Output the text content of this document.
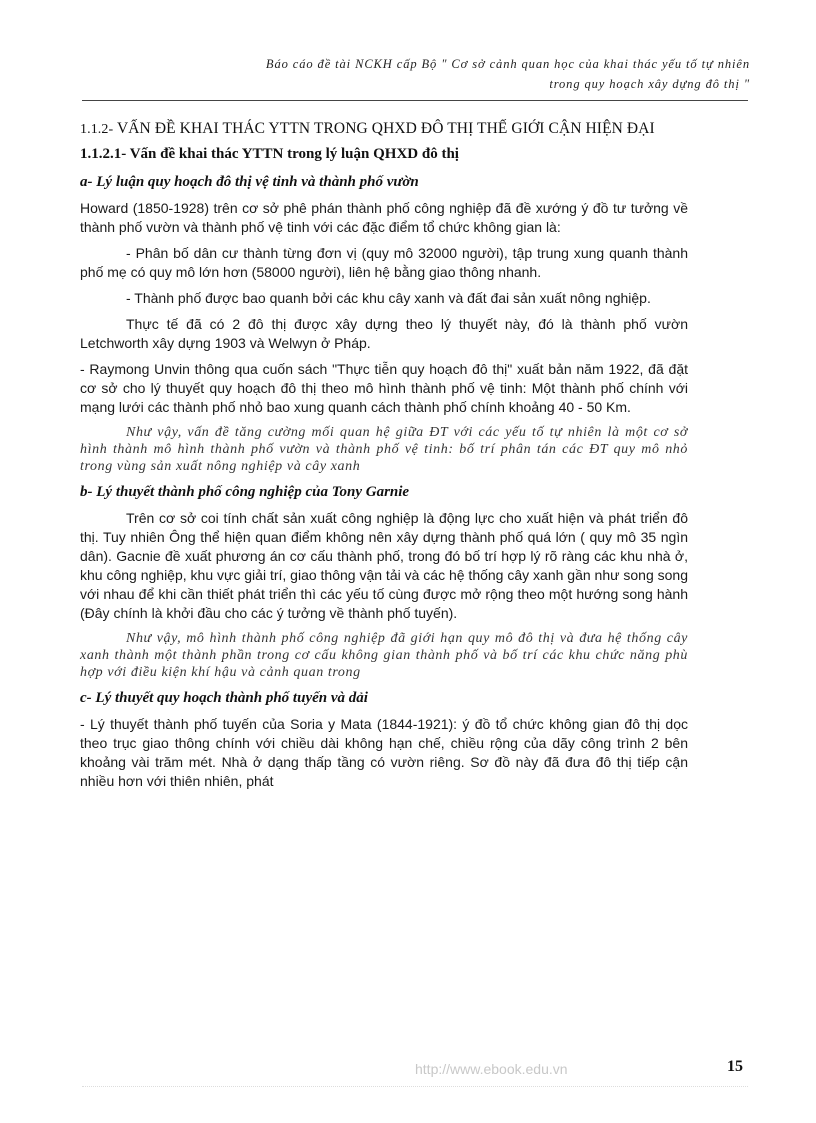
Báo cáo đề tài NCKH cấp Bộ " Cơ sở cảnh quan học của khai thác yếu tố tự nhiên
trong quy hoạch xây dựng đô thị "
1.1.2- VẤN ĐỀ KHAI THÁC YTTN TRONG QHXD ĐÔ THỊ THẾ GIỚI CẬN HIỆN ĐẠI
1.1.2.1- Vấn đề khai thác YTTN trong lý luận QHXD đô thị
a- Lý luận quy hoạch đô thị vệ tinh và thành phố vườn

Howard (1850-1928) trên cơ sở phê phán thành phố công nghiệp đã đề xướng ý đồ tư tưởng về thành phố vườn và thành phố vệ tinh với các đặc điểm tổ chức không gian là:

- Phân bố dân cư thành từng đơn vị (quy mô 32000 người), tập trung xung quanh thành phố mẹ có quy mô lớn hơn (58000 người), liên hệ bằng giao thông nhanh.

- Thành phố được bao quanh bởi các khu cây xanh và đất đai sản xuất nông nghiệp.

Thực tế đã có 2 đô thị được xây dựng theo lý thuyết này, đó là thành phố vườn Letchworth xây dựng 1903 và Welwyn ở Pháp.

- Raymong Unvin thông qua cuốn sách "Thực tiễn quy hoạch đô thị" xuất bản năm 1922, đã đặt cơ sở cho lý thuyết quy hoạch đô thị theo mô hình thành phố vệ tinh: Một thành phố chính với mạng lưới các thành phố nhỏ bao xung quanh cách thành phố chính khoảng 40 - 50 Km.

Như vậy, vấn đề tăng cường mối quan hệ giữa ĐT với các yếu tố tự nhiên là một cơ sở hình thành mô hình thành phố vườn và thành phố vệ tinh: bố trí phân tán các ĐT quy mô nhỏ trong vùng sản xuất nông nghiệp và cây xanh

b- Lý thuyết thành phố công nghiệp của Tony Garnie

Trên cơ sở coi tính chất sản xuất công nghiệp là động lực cho xuất hiện và phát triển đô thị. Tuy nhiên Ông thể hiện quan điểm không nên xây dựng thành phố quá lớn ( quy mô 35 ngìn dân). Gacnie đề xuất phương án cơ cấu thành phố, trong đó bố trí hợp lý rõ ràng các khu nhà ở, khu công nghiệp, khu vực giải trí, giao thông vận tải và các hệ thống cây xanh gần như song song với nhau để khi cần thiết phát triển thì các yếu tố cùng được mở rộng theo một hướng song hành (Đây chính là khởi đầu cho các ý tưởng về thành phố tuyến).

Như vậy, mô hình thành phố công nghiệp đã giới hạn quy mô đô thị và đưa hệ thống cây xanh thành một thành phần trong cơ cấu không gian thành phố và bố trí các khu chức năng phù hợp với điều kiện khí hậu và cảnh quan trong

c- Lý thuyết quy hoạch thành phố tuyến và dải

- Lý thuyết thành phố tuyến của Soria y Mata (1844-1921): ý đồ tổ chức không gian đô thị dọc theo trục giao thông chính với chiều dài không hạn chế, chiều rộng của dãy công trình 2 bên khoảng vài trăm mét. Nhà ở dạng thấp tầng có vườn riêng. Sơ đồ này đã đưa đô thị tiếp cận nhiều hơn với thiên nhiên, phát

http://www.ebook.edu.vn	15
